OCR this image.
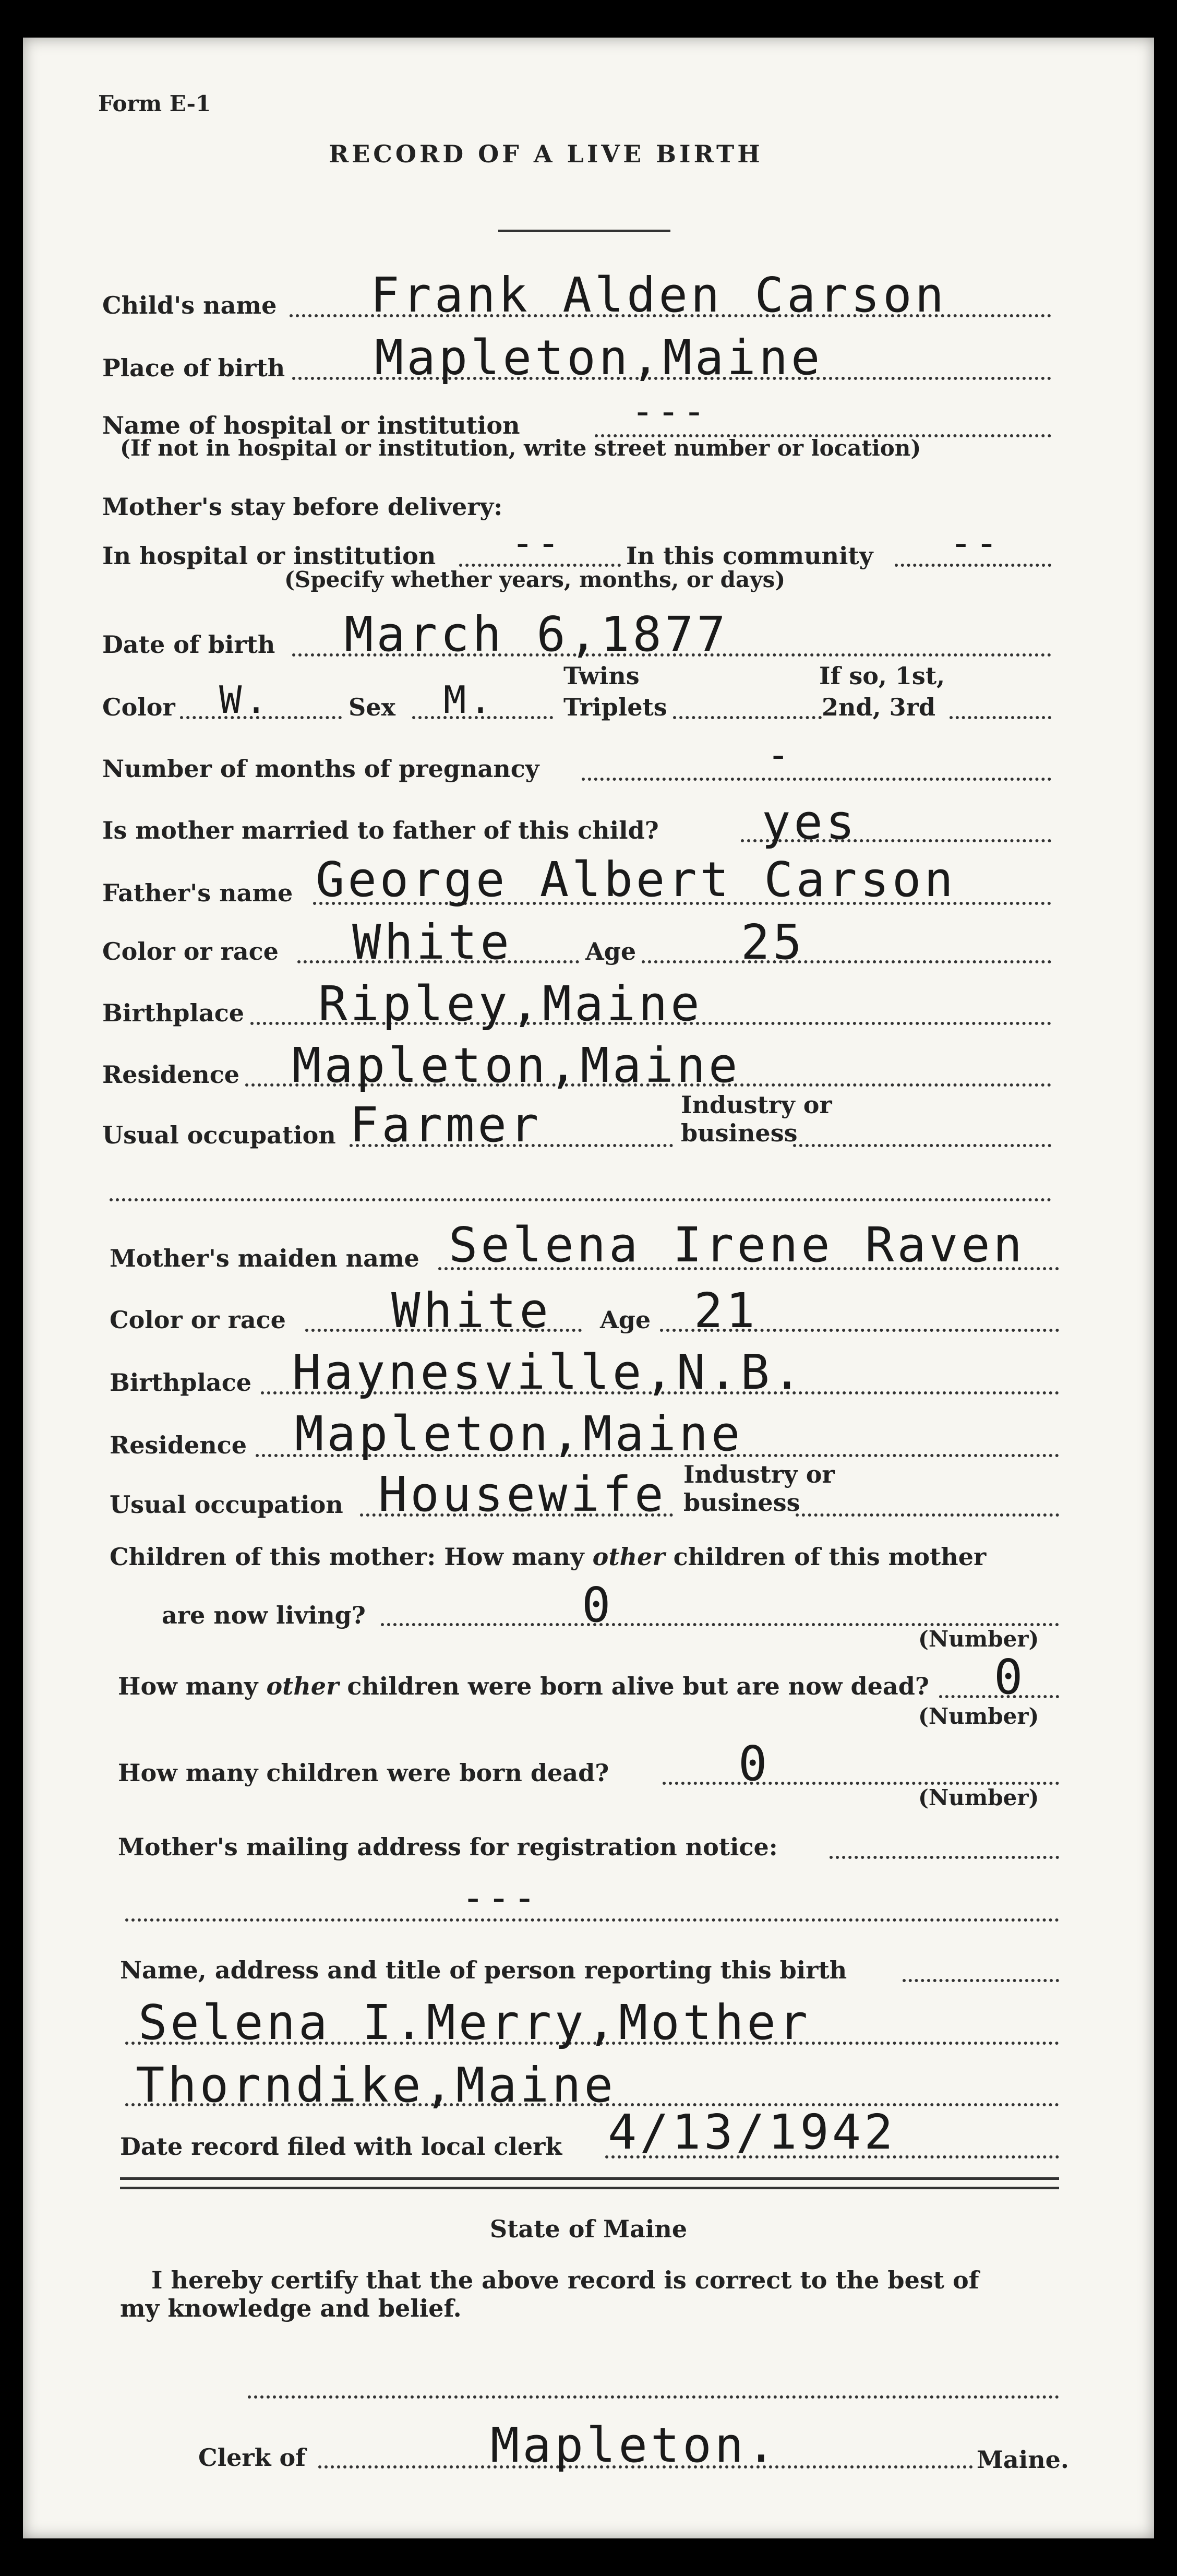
Form E-1
RECORD OF A LIVE BIRTH
Child's name Frank Alden Carson
Place of birth Mapleton,Maine
Name of hospital or institution	---
(If not in hospital or institution, write street number or location)
Mother's stay before delivery:
In hospital or institution --	In this community --
(Specify whether years, months, or days)
Date of birth March 6,1877
Twins	If so, 1st,
Color W.	Sex M.	Triplets	2nd, 3rd
Number of months of pregnancy	-
Is mother married to father of this child? yes
Father's name George Albert Carson
Color or race White	Age 25
Birthplace Ripley,Maine
Residence Mapleton,Maine
Industry or
Usual occupation Farmer	business
Mother's maiden name Selena Irene Raven
Color or race White Age 21
Birthplace Haynesville,N.B.
Residence Mapleton,Maine
Industry or
Usual occupation Housewife business
Children of this mother: How many other children of this mother
are now living?	0
(Number)
How many other children were born alive but are now dead? 0
(Number)
How many children were born dead?	0
(Number)
Mother's mailing address for registration notice:
---
Name, address and title of person reporting this birth
Selena I.Merry,Mother
Thorndike,Maine
Date record filed with local clerk 4/13/1942
State of Maine
I hereby certify that the above record is correct to the best of
my knowledge and belief.
Clerk of	Mapleton.	Maine.
